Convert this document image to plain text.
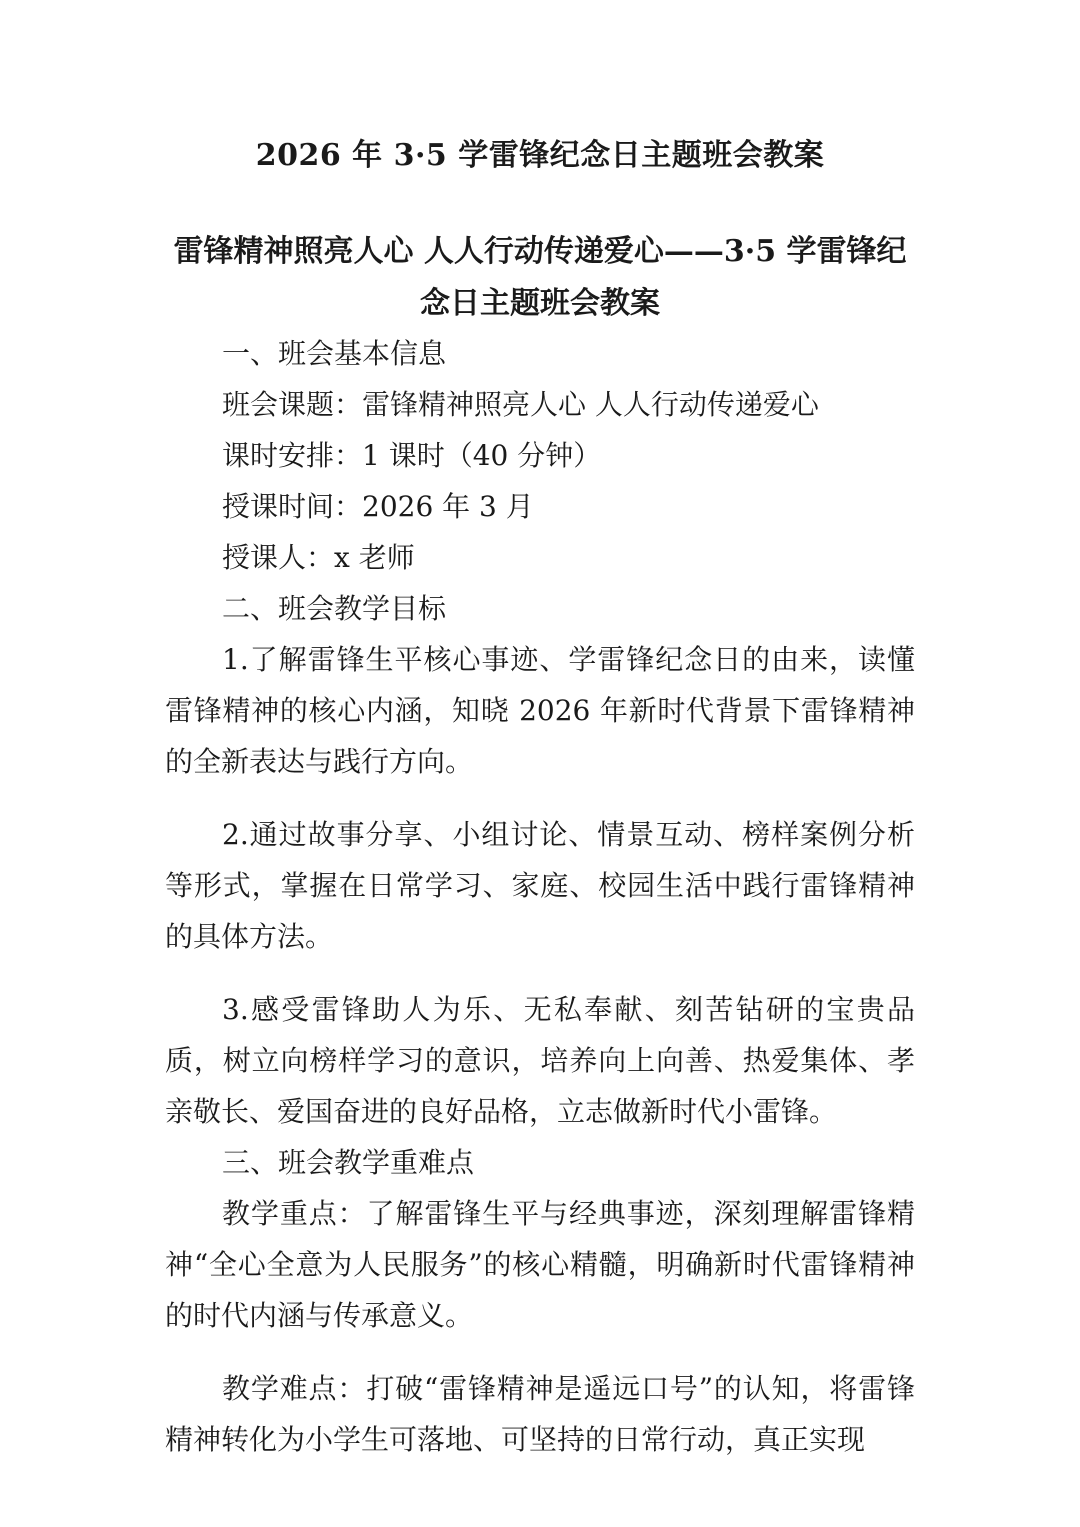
2026 年 3·5 学雷锋纪念日主题班会教案
雷锋精神照亮人心 人人行动传递爱心——3·5 学雷锋纪念日主题班会教案

一、班会基本信息

班会课题：雷锋精神照亮人心 人人行动传递爱心

课时安排：1 课时（40 分钟）

授课时间：2026 年 3 月

授课人：x 老师

二、班会教学目标

1.了解雷锋生平核心事迹、学雷锋纪念日的由来，读懂雷锋精神的核心内涵，知晓 2026 年新时代背景下雷锋精神的全新表达与践行方向。

2.通过故事分享、小组讨论、情景互动、榜样案例分析等形式，掌握在日常学习、家庭、校园生活中践行雷锋精神的具体方法。

3.感受雷锋助人为乐、无私奉献、刻苦钻研的宝贵品质，树立向榜样学习的意识，培养向上向善、热爱集体、孝亲敬长、爱国奋进的良好品格，立志做新时代小雷锋。

三、班会教学重难点

教学重点：了解雷锋生平与经典事迹，深刻理解雷锋精神“全心全意为人民服务”的核心精髓，明确新时代雷锋精神的时代内涵与传承意义。

教学难点：打破“雷锋精神是遥远口号”的认知，将雷锋精神转化为小学生可落地、可坚持的日常行动，真正实现
